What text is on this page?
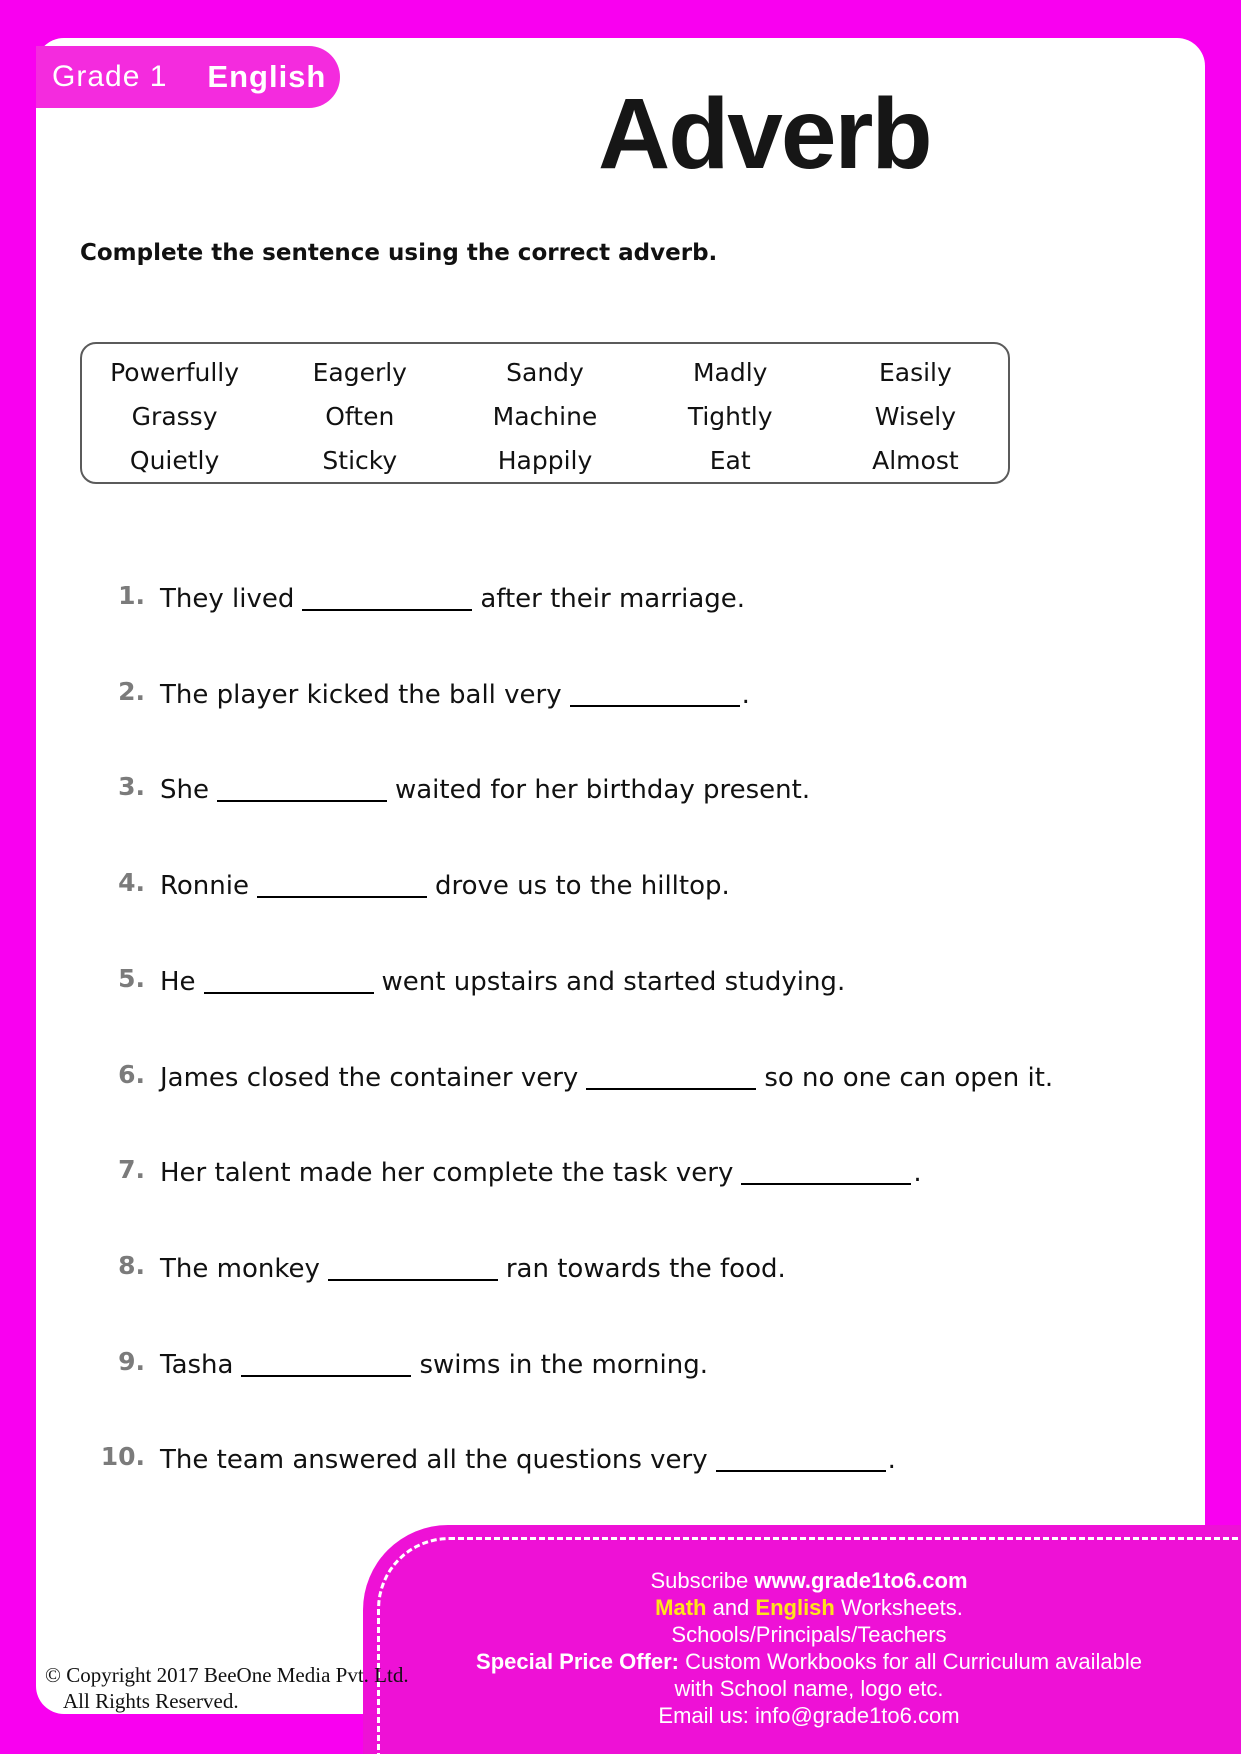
Grade 1 English
Adverb
Complete the sentence using the correct adverb.
Powerfully	Eagerly	Sandy	Madly	Easily
Grassy	Often	Machine	Tightly	Wisely
Quietly	Sticky	Happily	Eat	Almost
1. They lived	after their marriage.
2. The player kicked the ball very	.
3. She	waited for her birthday present.
4. Ronnie	drove us to the hilltop.
5. He	went upstairs and started studying.
6. James closed the container very	so no one can open it.
7. Her talent made her complete the task very	.
8. The monkey	ran towards the food.
9. Tasha	swims in the morning.
10. The team answered all the questions very	.
Subscribe www.grade1to6.com
Math and English Worksheets.
Schools/Principals/Teachers
Special Price Offer: Custom Workbooks for all Curriculum available
with School name, logo etc.
Email us: info@grade1to6.com
© Copyright 2017 BeeOne Media Pvt. Ltd.
All Rights Reserved.
